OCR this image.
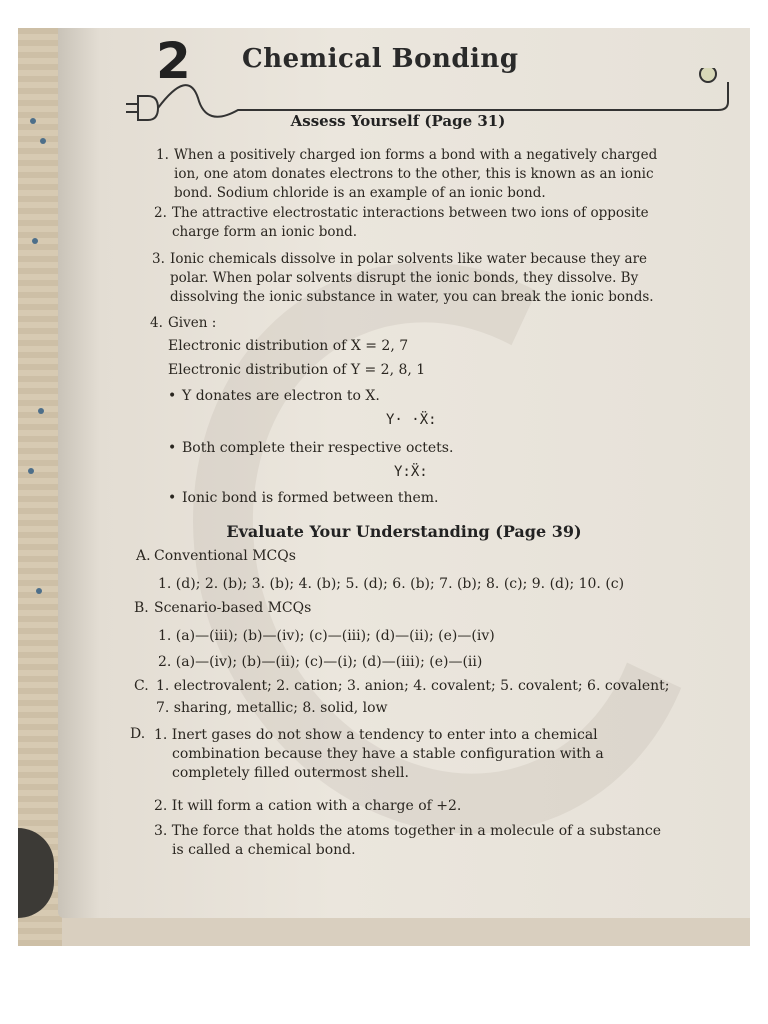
2 Chemical Bonding
Assess Yourself (Page 31)
1. When a positively charged ion forms a bond with a negatively charged
ion, one atom donates electrons to the other, this is known as an ionic
bond. Sodium chloride is an example of an ionic bond.
2. The attractive electrostatic interactions between two ions of opposite
charge form an ionic bond.
3. Ionic chemicals dissolve in polar solvents like water because they are
polar. When polar solvents disrupt the ionic bonds, they dissolve. By
dissolving the ionic substance in water, you can break the ionic bonds.
4. Given :
Electronic distribution of X = 2, 7
Electronic distribution of Y = 2, 8, 1
• Y donates are electron to X.
Y· ·Ẍ:
• Both complete their respective octets.
Y:Ẍ:
• Ionic bond is formed between them.
Evaluate Your Understanding (Page 39)
A. Conventional MCQs
1. (d); 2. (b); 3. (b); 4. (b); 5. (d); 6. (b); 7. (b); 8. (c); 9. (d); 10. (c)
B. Scenario-based MCQs
1. (a)—(iii); (b)—(iv); (c)—(iii); (d)—(ii); (e)—(iv)
2. (a)—(iv); (b)—(ii); (c)—(i); (d)—(iii); (e)—(ii)
C. 1. electrovalent; 2. cation; 3. anion; 4. covalent; 5. covalent; 6. covalent;
7. sharing, metallic; 8. solid, low
D. 1. Inert gases do not show a tendency to enter into a chemical
combination because they have a stable configuration with a
completely filled outermost shell.
2. It will form a cation with a charge of +2.
3. The force that holds the atoms together in a molecule of a substance
is called a chemical bond.
